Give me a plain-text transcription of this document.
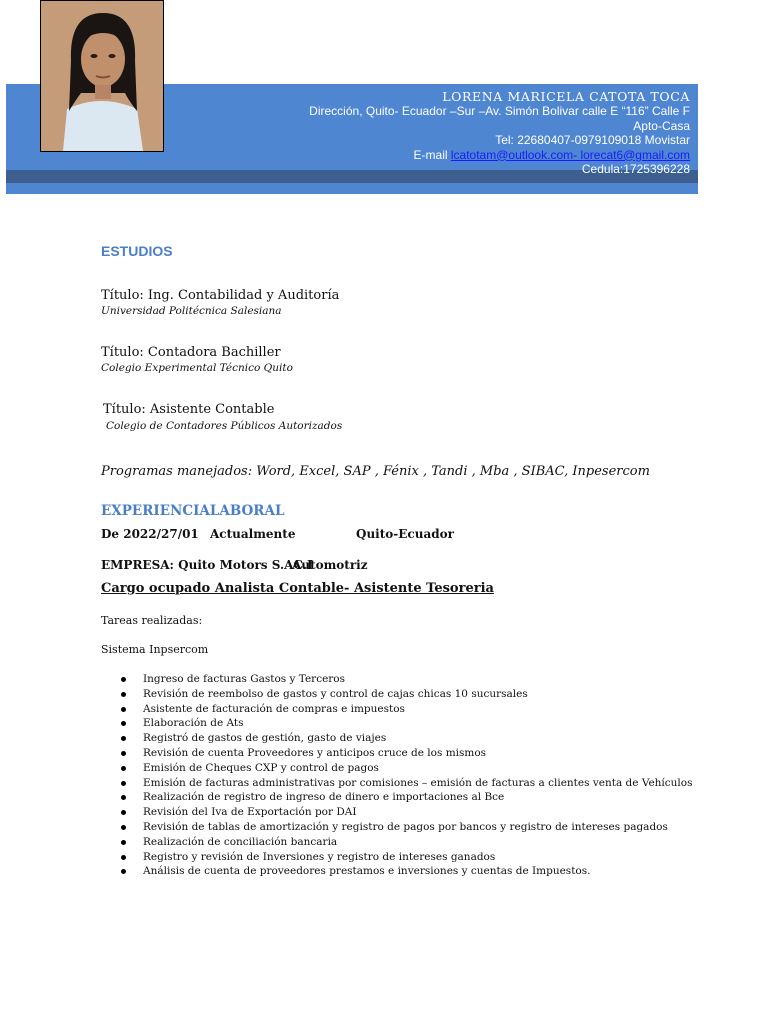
LORENA MARICELA CATOTA TOCA
Dirección, Quito- Ecuador –Sur –Av. Simón Bolivar calle E “116” Calle F
Apto-Casa
Tel: 22680407-0979109018 Movistar
E-mail lcatotam@outlook.com- lorecat6@gmail.com
Cedula:1725396228
ESTUDIOS
Título: Ing. Contabilidad y Auditoría
Universidad Politécnica Salesiana
Título: Contadora Bachiller
Colegio Experimental Técnico Quito
Título: Asistente Contable
Colegio de Contadores Públicos Autorizados
Programas manejados: Word, Excel, SAP , Fénix , Tandi , Mba , SIBAC, Inpesercom
EXPERIENCIALABORAL
De 2022/27/01 Actualmente	Quito-Ecuador
EMPRESA: Quito Motors S.AC.I
Automotriz
Cargo ocupado Analista Contable- Asistente Tesoreria
Tareas realizadas:
Sistema Inpsercom
Ingreso de facturas Gastos y Terceros
Revisión de reembolso de gastos y control de cajas chicas 10 sucursales
Asistente de facturación de compras e impuestos
Elaboración de Ats
Registró de gastos de gestión, gasto de viajes
Revisión de cuenta Proveedores y anticipos cruce de los mismos
Emisión de Cheques CXP y control de pagos
Emisión de facturas administrativas por comisiones – emisión de facturas a clientes venta de Vehículos
Realización de registro de ingreso de dinero e importaciones al Bce
Revisión del Iva de Exportación por DAI
Revisión de tablas de amortización y registro de pagos por bancos y registro de intereses pagados
Realización de conciliación bancaria
Registro y revisión de Inversiones y registro de intereses ganados
Análisis de cuenta de proveedores prestamos e inversiones y cuentas de Impuestos.
